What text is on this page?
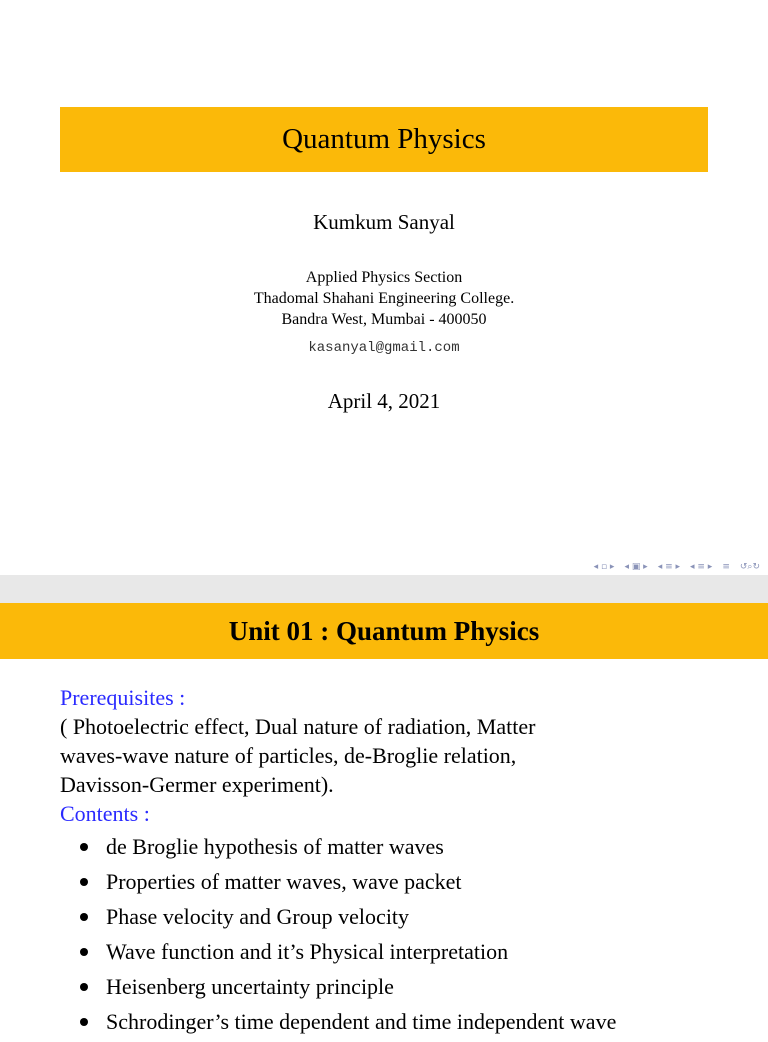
Quantum Physics
Kumkum Sanyal
Applied Physics Section
Thadomal Shahani Engineering College.
Bandra West, Mumbai - 400050
kasanyal@gmail.com
April 4, 2021
◂ ▫ ▸ ◂ ▣ ▸ ◂ ≡ ▸ ◂ ≡ ▸ ≡ ↺⌕↻
Unit 01 : Quantum Physics
Prerequisites :
( Photoelectric effect, Dual nature of radiation, Matter
waves-wave nature of particles, de-Broglie relation,
Davisson-Germer experiment).
Contents :
de Broglie hypothesis of matter waves
Properties of matter waves, wave packet
Phase velocity and Group velocity
Wave function and it’s Physical interpretation
Heisenberg uncertainty principle
Schrodinger’s time dependent and time independent wave
